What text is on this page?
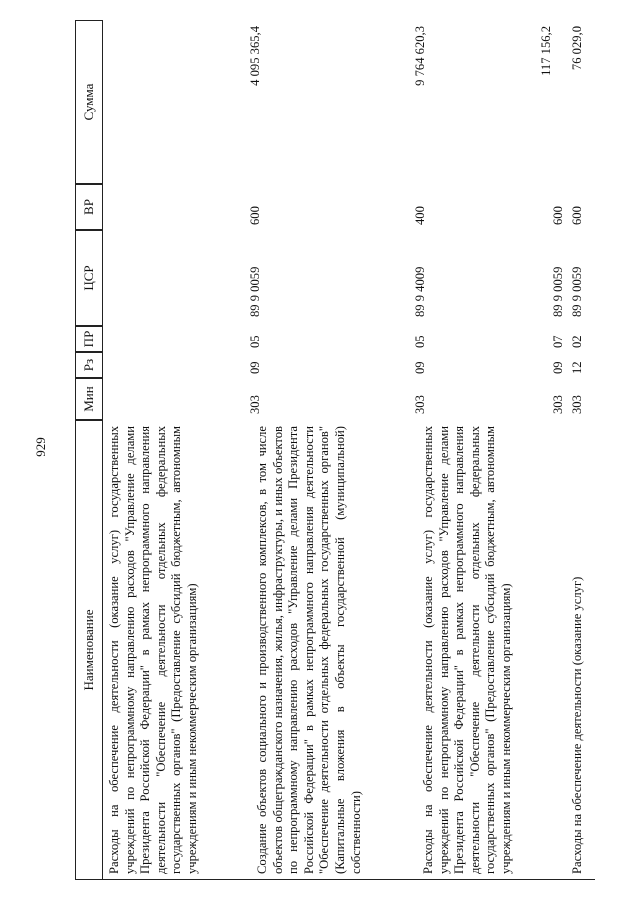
929
Наименование
Мин
Рз
ПР
ЦСР
ВР
Сумма
Расходы на обеспечение деятельности (оказание услуг) государственных учреждений по непрограммному направлению расходов "Управление делами Президента Российской Федерации" в рамках непрограммного направления деятельности "Обеспечение деятельности отдельных федеральных государственных органов" (Предоставление субсидий бюджетным, автономным учреждениям и иным некоммерческим организациям)
303
09
05
89 9 0059
600
4 095 365,4
Создание объектов социального и производственного комплексов, в том числе объектов общегражданского назначения, жилья, инфраструктуры, и иных объектов по непрограммному направлению расходов "Управление делами Президента Российской Федерации" в рамках непрограммного направления деятельности "Обеспечение деятельности отдельных федеральных государственных органов" (Капитальные вложения в объекты государственной (муниципальной) собственности)
303
09
05
89 9 4009
400
9 764 620,3
Расходы на обеспечение деятельности (оказание услуг) государственных учреждений по непрограммному направлению расходов "Управление делами Президента Российской Федерации" в рамках непрограммного направления деятельности "Обеспечение деятельности отдельных федеральных государственных органов" (Предоставление субсидий бюджетным, автономным учреждениям и иным некоммерческим организациям)
303
09
07
89 9 0059
600
117 156,2
Расходы на обеспечение деятельности (оказание услуг)
303
12
02
89 9 0059
600
76 029,0
